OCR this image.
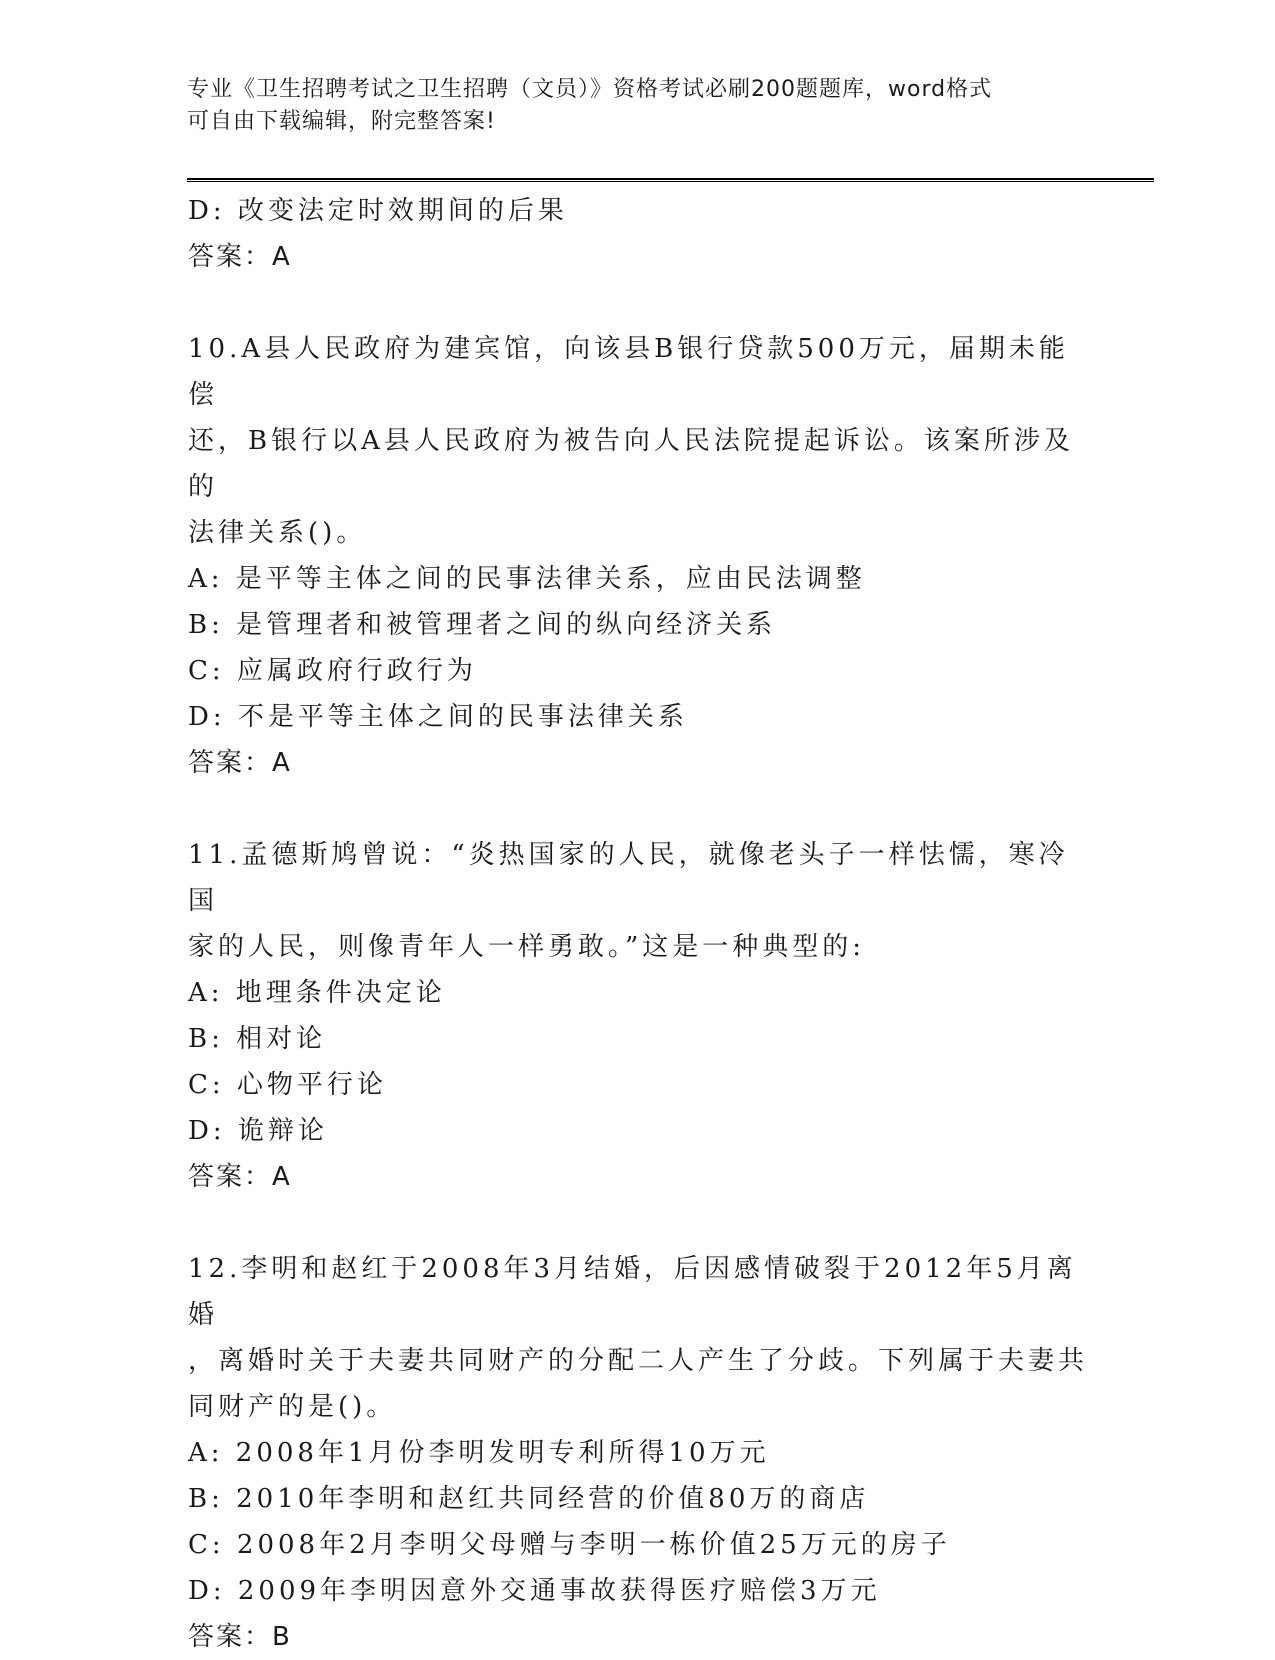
专业《卫生招聘考试之卫生招聘（文员）》资格考试必刷200题题库，word格式
可自由下载编辑，附完整答案!
D: 改变法定时效期间的后果
答案：A
10.A县人民政府为建宾馆，向该县B银行贷款500万元，届期未能偿
还，B银行以A县人民政府为被告向人民法院提起诉讼。该案所涉及的
法律关系()。
A: 是平等主体之间的民事法律关系，应由民法调整
B: 是管理者和被管理者之间的纵向经济关系
C: 应属政府行政行为
D: 不是平等主体之间的民事法律关系
答案：A
11.孟德斯鸠曾说：“炎热国家的人民，就像老头子一样怯懦，寒冷国
家的人民，则像青年人一样勇敢。”这是一种典型的:
A: 地理条件决定论
B: 相对论
C: 心物平行论
D: 诡辩论
答案：A
12.李明和赵红于2008年3月结婚，后因感情破裂于2012年5月离婚
，离婚时关于夫妻共同财产的分配二人产生了分歧。下列属于夫妻共
同财产的是()。
A: 2008年1月份李明发明专利所得10万元
B: 2010年李明和赵红共同经营的价值80万的商店
C: 2008年2月李明父母赠与李明一栋价值25万元的房子
D: 2009年李明因意外交通事故获得医疗赔偿3万元
答案：B
